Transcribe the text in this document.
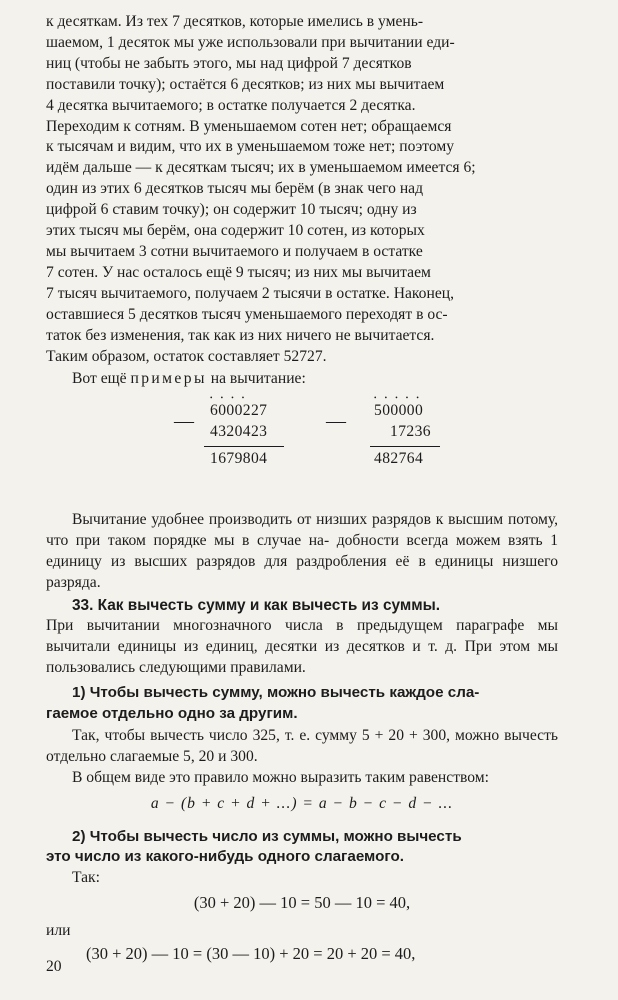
к десяткам. Из тех 7 десятков, которые имелись в умень-
шаемом, 1 десяток мы уже использовали при вычитании еди-
ниц (чтобы не забыть этого, мы над цифрой 7 десятков
поставили точку); остаётся 6 десятков; из них мы вычитаем
4 десятка вычитаемого; в остатке получается 2 десятка.
Переходим к сотням. В уменьшаемом сотен нет; обращаемся
к тысячам и видим, что их в уменьшаемом тоже нет; поэтому
идём дальше — к десяткам тысяч; их в уменьшаемом имеется 6;
один из этих 6 десятков тысяч мы берём (в знак чего над
цифрой 6 ставим точку); он содержит 10 тысяч; одну из
этих тысяч мы берём, она содержит 10 сотен, из которых
мы вычитаем 3 сотни вычитаемого и получаем в остатке
7 сотен. У нас осталось ещё 9 тысяч; из них мы вычитаем
7 тысяч вычитаемого, получаем 2 тысячи в остатке. Наконец,
оставшиеся 5 десятков тысяч уменьшаемого переходят в ос-
таток без изменения, так как из них ничего не вычитается.
Таким образом, остаток составляет 52727.

Вот ещё примеры на вычитание:

• • • •
— 6000227
4320423
1679804
• • • • •
— 500000
17236
482764

Вычитание удобнее производить от низших разрядов к высшим потому, что при таком порядке мы в случае на- добности всегда можем взять 1 единицу из высших разрядов для раздробления её в единицы низшего разряда.

33. Как вычесть сумму и как вычесть из суммы.

При вычитании многозначного числа в предыдущем параграфе мы вычитали единицы из единиц, десятки из десятков и т. д. При этом мы пользовались следующими правилами.

1) Чтобы вычесть сумму, можно вычесть каждое сла-
гаемое отдельно одно за другим.

Так, чтобы вычесть число 325, т. е. сумму 5 + 20 + 300, можно вычесть отдельно слагаемые 5, 20 и 300.

В общем виде это правило можно выразить таким равенством:

a − (b + c + d + ...) = a − b − c − d − ...

2) Чтобы вычесть число из суммы, можно вычесть
это число из какого-нибудь одного слагаемого.

Так:

(30 + 20) — 10 = 50 — 10 = 40,

или

(30 + 20) — 10 = (30 — 10) + 20 = 20 + 20 = 40,

20
